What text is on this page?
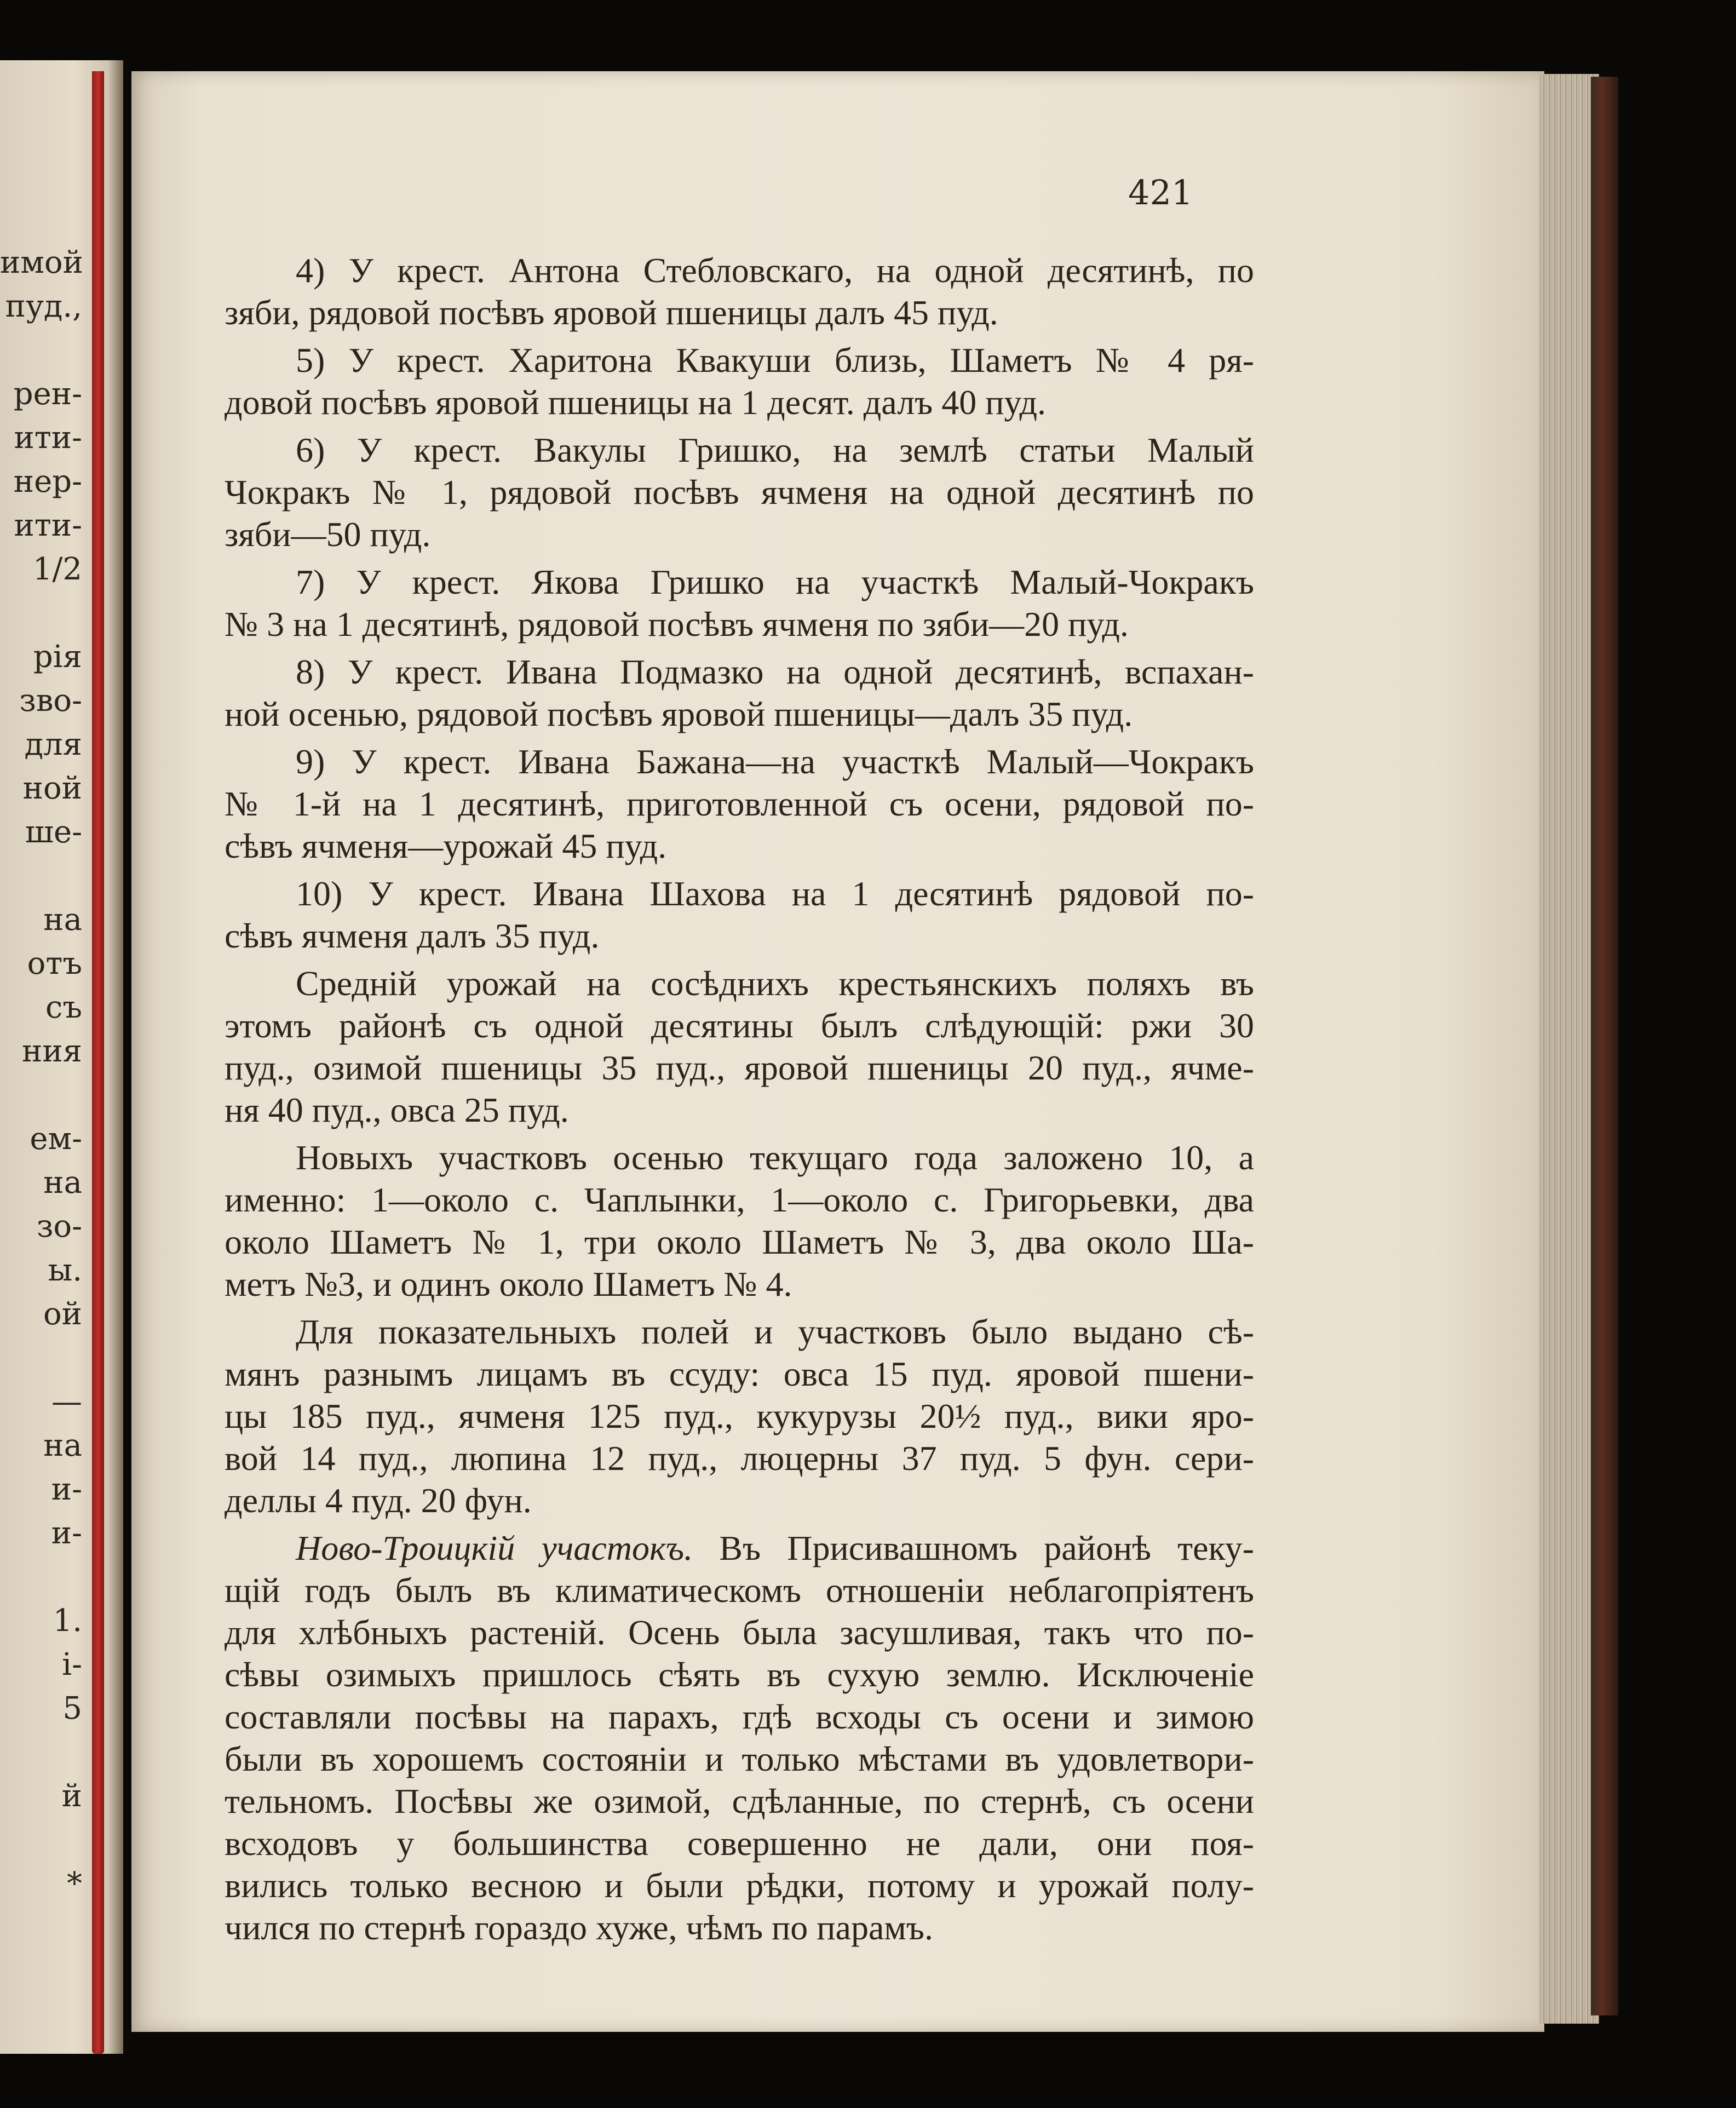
имой
пуд.,
рен-
ити-
нер-
ити-
1/2
рія
зво-
для
ной
ше-
на
отъ
съ
ния
ем-
на
зо-
ы.
ой
—
на
и-
и-
1.
i-
5
й
*
421
4) У крест. Антона Стебловскаго, на одной десятинѣ, по
зяби, рядовой посѣвъ яровой пшеницы далъ 45 пуд.
5) У крест. Харитона Квакуши близь, Шаметъ № 4 ря-
довой посѣвъ яровой пшеницы на 1 десят. далъ 40 пуд.
6) У крест. Вакулы Гришко, на землѣ статьи Малый
Чокракъ № 1, рядовой посѣвъ ячменя на одной десятинѣ по
зяби—50 пуд.
7) У крест. Якова Гришко на участкѣ Малый-Чокракъ
№ 3 на 1 десятинѣ, рядовой посѣвъ ячменя по зяби—20 пуд.
8) У крест. Ивана Подмазко на одной десятинѣ, вспахан-
ной осенью, рядовой посѣвъ яровой пшеницы—далъ 35 пуд.
9) У крест. Ивана Бажана—на участкѣ Малый—Чокракъ
№ 1-й на 1 десятинѣ, приготовленной съ осени, рядовой по-
сѣвъ ячменя—урожай 45 пуд.
10) У крест. Ивана Шахова на 1 десятинѣ рядовой по-
сѣвъ ячменя далъ 35 пуд.
Средній урожай на сосѣднихъ крестьянскихъ поляхъ въ
этомъ районѣ съ одной десятины былъ слѣдующій: ржи 30
пуд., озимой пшеницы 35 пуд., яровой пшеницы 20 пуд., ячме-
ня 40 пуд., овса 25 пуд.
Новыхъ участковъ осенью текущаго года заложено 10, а
именно: 1—около с. Чаплынки, 1—около с. Григорьевки, два
около Шаметъ № 1, три около Шаметъ № 3, два около Ша-
метъ №3, и одинъ около Шаметъ № 4.
Для показательныхъ полей и участковъ было выдано сѣ-
мянъ разнымъ лицамъ въ ссуду: овса 15 пуд. яровой пшени-
цы 185 пуд., ячменя 125 пуд., кукурузы 20½ пуд., вики яро-
вой 14 пуд., люпина 12 пуд., люцерны 37 пуд. 5 фун. сери-
деллы 4 пуд. 20 фун.
Ново-Троицкій участокъ. Въ Присивашномъ районѣ теку-
щій годъ былъ въ климатическомъ отношеніи неблагопріятенъ
для хлѣбныхъ растеній. Осень была засушливая, такъ что по-
сѣвы озимыхъ пришлось сѣять въ сухую землю. Исключеніе
составляли посѣвы на парахъ, гдѣ всходы съ осени и зимою
были въ хорошемъ состояніи и только мѣстами въ удовлетвори-
тельномъ. Посѣвы же озимой, сдѣланные, по стернѣ, съ осени
всходовъ у большинства совершенно не дали, они поя-
вились только весною и были рѣдки, потому и урожай полу-
чился по стернѣ гораздо хуже, чѣмъ по парамъ.
